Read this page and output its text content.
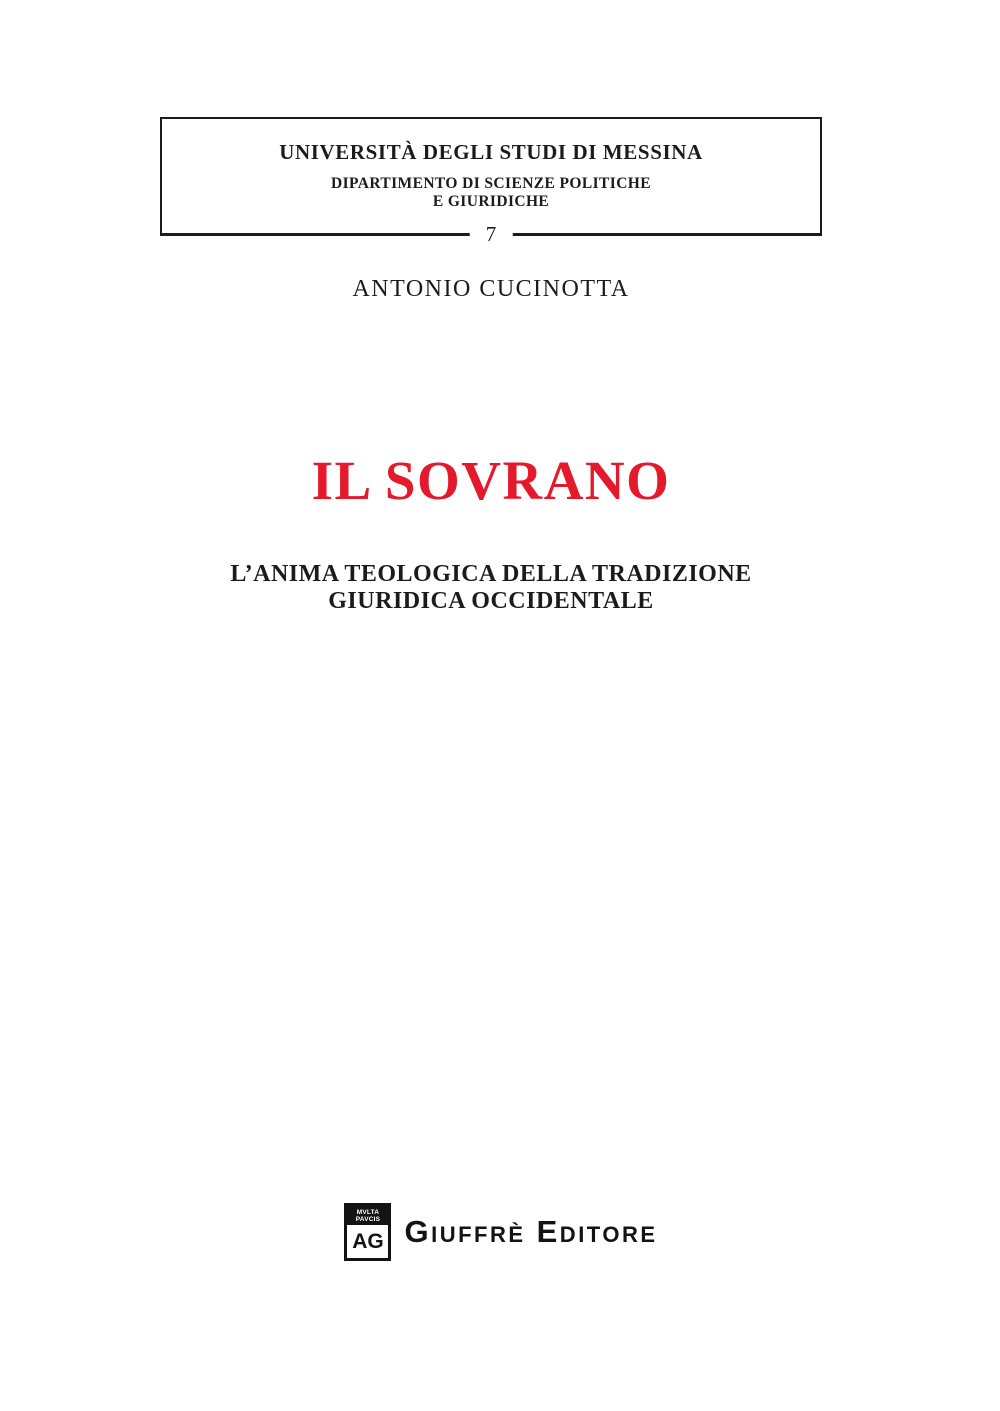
UNIVERSITÀ DEGLI STUDI DI MESSINA
DIPARTIMENTO DI SCIENZE POLITICHE
E GIURIDICHE
7
ANTONIO CUCINOTTA
IL SOVRANO
L’ANIMA TEOLOGICA DELLA TRADIZIONE
GIURIDICA OCCIDENTALE
MVLTA
PAVCIS
AG Giuffrè Editore
